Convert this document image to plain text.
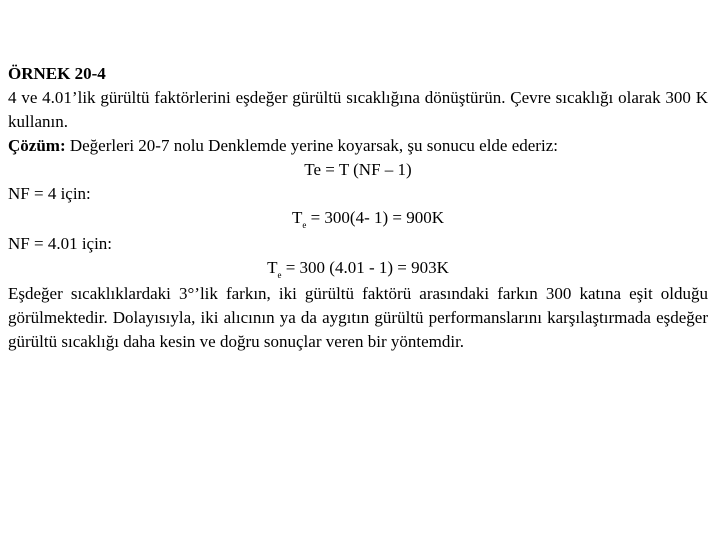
ÖRNEK 20-4

4 ve 4.01’lik gürültü faktörlerini eşdeğer gürültü sıcaklığına dönüştürün. Çevre sıcaklığı olarak 300 K kullanın.

Çözüm: Değerleri 20-7 nolu Denklemde yerine koyarsak, şu sonucu elde ederiz:
Te = T (NF – 1)
NF = 4 için:
$T_e = 300(4-$ 1) = 900K
NF = 4.01 için:
$T_e = 300$ (4.01 - 1) = 903K

Eşdeğer sıcaklıklardaki 3°’lik farkın, iki gürültü faktörü arasındaki farkın 300 katına eşit olduğu görülmektedir. Dolayısıyla, iki alıcının ya da aygıtın gürültü performanslarını karşılaştırmada eşdeğer gürültü sıcaklığı daha kesin ve doğru sonuçlar veren bir yöntemdir.
